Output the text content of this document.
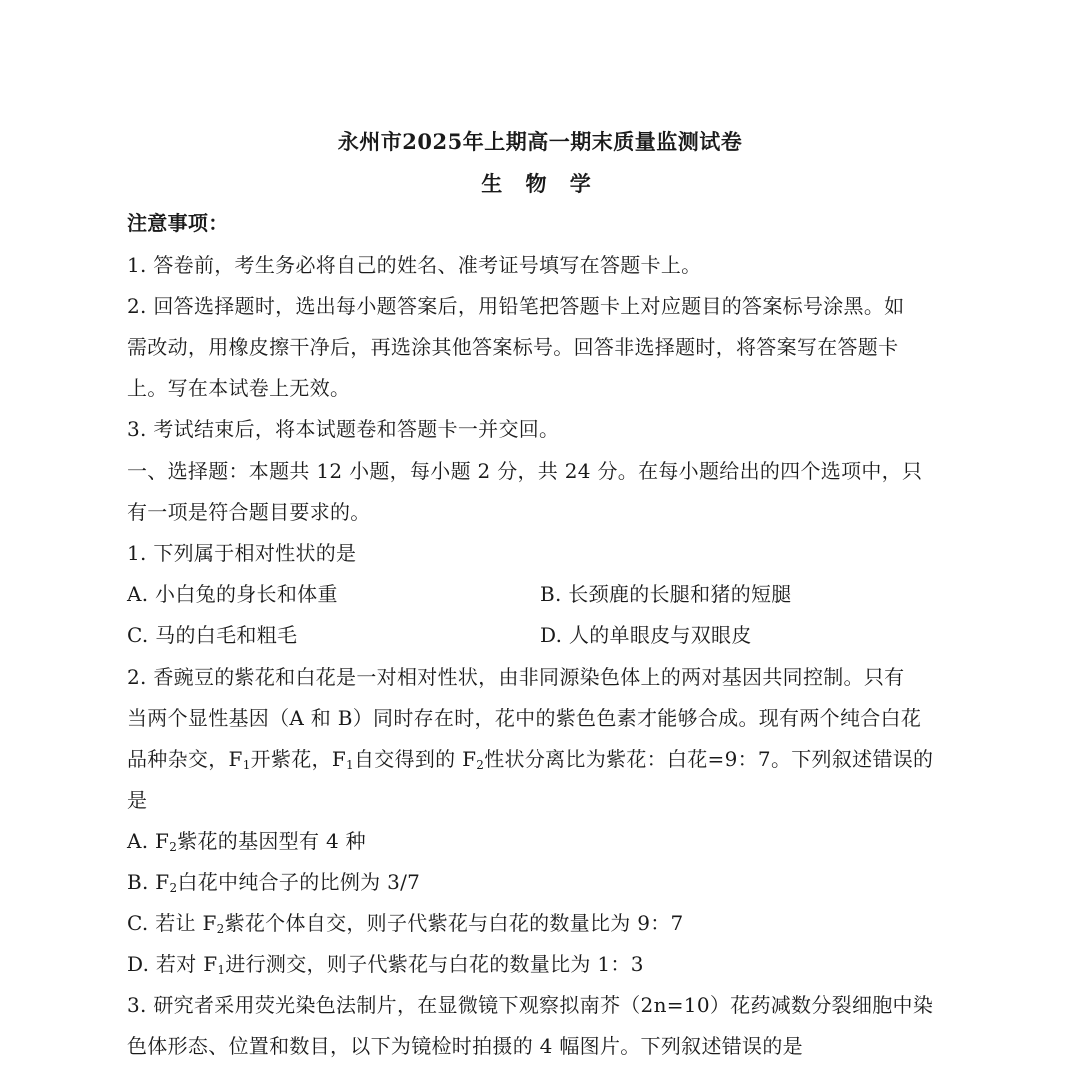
永州市2025年上期高一期末质量监测试卷
生 物 学
注意事项：
1. 答卷前，考生务必将自己的姓名、准考证号填写在答题卡上。
2. 回答选择题时，选出每小题答案后，用铅笔把答题卡上对应题目的答案标号涂黑。如
需改动，用橡皮擦干净后，再选涂其他答案标号。回答非选择题时，将答案写在答题卡
上。写在本试卷上无效。
3. 考试结束后，将本试题卷和答题卡一并交回。
一、选择题：本题共 12 小题，每小题 2 分，共 24 分。在每小题给出的四个选项中，只
有一项是符合题目要求的。
1. 下列属于相对性状的是
A. 小白兔的身长和体重	B. 长颈鹿的长腿和猪的短腿
C. 马的白毛和粗毛	D. 人的单眼皮与双眼皮
2. 香豌豆的紫花和白花是一对相对性状，由非同源染色体上的两对基因共同控制。只有
当两个显性基因（A 和 B）同时存在时，花中的紫色色素才能够合成。现有两个纯合白花
品种杂交，$F_1$开紫花，$F_1$自交得到的 $F_2$性状分离比为紫花：白花=9：7。下列叙述错误的
是
A. $F_2$紫花的基因型有 4 种
B. $F_2$白花中纯合子的比例为 3/7
C. 若让 $F_2$紫花个体自交，则子代紫花与白花的数量比为 9：7
D. 若对 $F_1$进行测交，则子代紫花与白花的数量比为 1：3
3. 研究者采用荧光染色法制片，在显微镜下观察拟南芥（2n=10）花药减数分裂细胞中染
色体形态、位置和数目，以下为镜检时拍摄的 4 幅图片。下列叙述错误的是
